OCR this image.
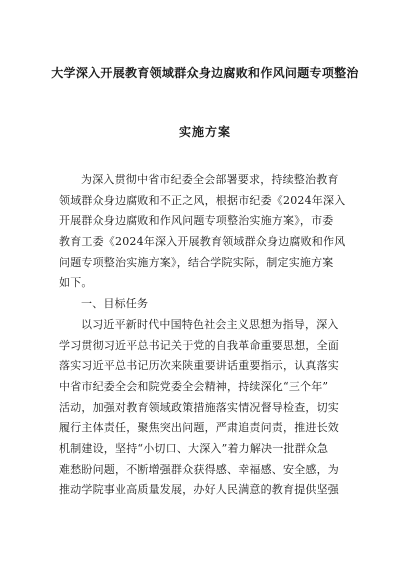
大学深入开展教育领域群众身边腐败和作风问题专项整治
实施方案
为深入贯彻中省市纪委全会部署要求，持续整治教育
领域群众身边腐败和不正之风，根据市纪委《2024年深入
开展群众身边腐败和作风问题专项整治实施方案》，市委
教育工委《2024年深入开展教育领域群众身边腐败和作风
问题专项整治实施方案》，结合学院实际，制定实施方案
如下。
一、目标任务
以习近平新时代中国特色社会主义思想为指导，深入
学习贯彻习近平总书记关于党的自我革命重要思想，全面
落实习近平总书记历次来陕重要讲话重要指示，认真落实
中省市纪委全会和院党委全会精神，持续深化“三个年”
活动，加强对教育领域政策措施落实情况督导检查，切实
履行主体责任，聚焦突出问题，严肃追责问责，推进长效
机制建设，坚持“小切口、大深入”着力解决一批群众急
难愁盼问题，不断增强群众获得感、幸福感、安全感，为
推动学院事业高质量发展，办好人民满意的教育提供坚强
